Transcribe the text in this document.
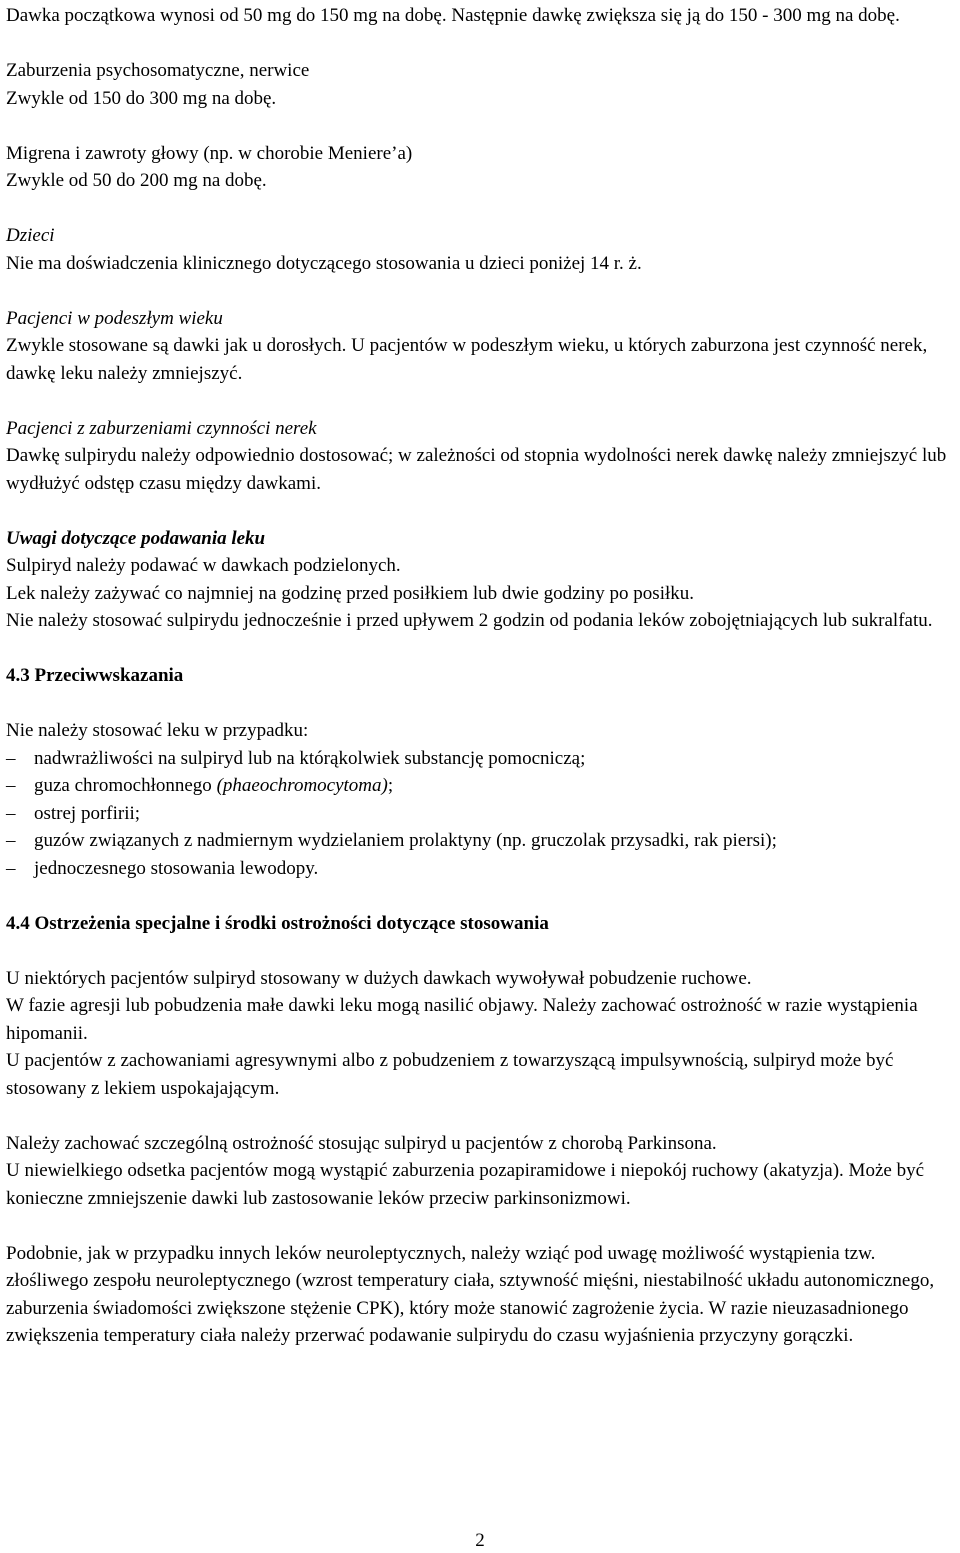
Dawka początkowa wynosi od 50 mg do 150 mg na dobę. Następnie dawkę zwiększa się ją do 150 - 300 mg na dobę.

Zaburzenia psychosomatyczne, nerwice

Zwykle od 150 do 300 mg na dobę.

Migrena i zawroty głowy (np. w chorobie Meniere’a)

Zwykle od 50 do 200 mg na dobę.

Dzieci

Nie ma doświadczenia klinicznego dotyczącego stosowania u dzieci poniżej 14 r. ż.

Pacjenci w podeszłym wieku

Zwykle stosowane są dawki jak u dorosłych. U pacjentów w podeszłym wieku, u których zaburzona jest czynność nerek, dawkę leku należy zmniejszyć.

Pacjenci z zaburzeniami czynności nerek

Dawkę sulpirydu należy odpowiednio dostosować; w zależności od stopnia wydolności nerek dawkę należy zmniejszyć lub wydłużyć odstęp czasu między dawkami.

Uwagi dotyczące podawania leku

Sulpiryd należy podawać w dawkach podzielonych.

Lek należy zażywać co najmniej na godzinę przed posiłkiem lub dwie godziny po posiłku.

Nie należy stosować sulpirydu jednocześnie i przed upływem 2 godzin od podania leków zobojętniających lub sukralfatu.

4.3 Przeciwwskazania

Nie należy stosować leku w przypadku:

– nadwrażliwości na sulpiryd lub na którąkolwiek substancję pomocniczą;
– guza chromochłonnego (phaeochromocytoma);
– ostrej porfirii;
– guzów związanych z nadmiernym wydzielaniem prolaktyny (np. gruczolak przysadki, rak piersi);
– jednoczesnego stosowania lewodopy.

4.4 Ostrzeżenia specjalne i środki ostrożności dotyczące stosowania

U niektórych pacjentów sulpiryd stosowany w dużych dawkach wywoływał pobudzenie ruchowe.

W fazie agresji lub pobudzenia małe dawki leku mogą nasilić objawy. Należy zachować ostrożność w razie wystąpienia hipomanii.

U pacjentów z zachowaniami agresywnymi albo z pobudzeniem z towarzyszącą impulsywnością, sulpiryd może być stosowany z lekiem uspokajającym.

Należy zachować szczególną ostrożność stosując sulpiryd u pacjentów z chorobą Parkinsona.

U niewielkiego odsetka pacjentów mogą wystąpić zaburzenia pozapiramidowe i niepokój ruchowy (akatyzja). Może być konieczne zmniejszenie dawki lub zastosowanie leków przeciw parkinsonizmowi.

Podobnie, jak w przypadku innych leków neuroleptycznych, należy wziąć pod uwagę możliwość wystąpienia tzw. złośliwego zespołu neuroleptycznego (wzrost temperatury ciała, sztywność mięśni, niestabilność układu autonomicznego, zaburzenia świadomości zwiększone stężenie CPK), który może stanowić zagrożenie życia. W razie nieuzasadnionego zwiększenia temperatury ciała należy przerwać podawanie sulpirydu do czasu wyjaśnienia przyczyny gorączki.

2
